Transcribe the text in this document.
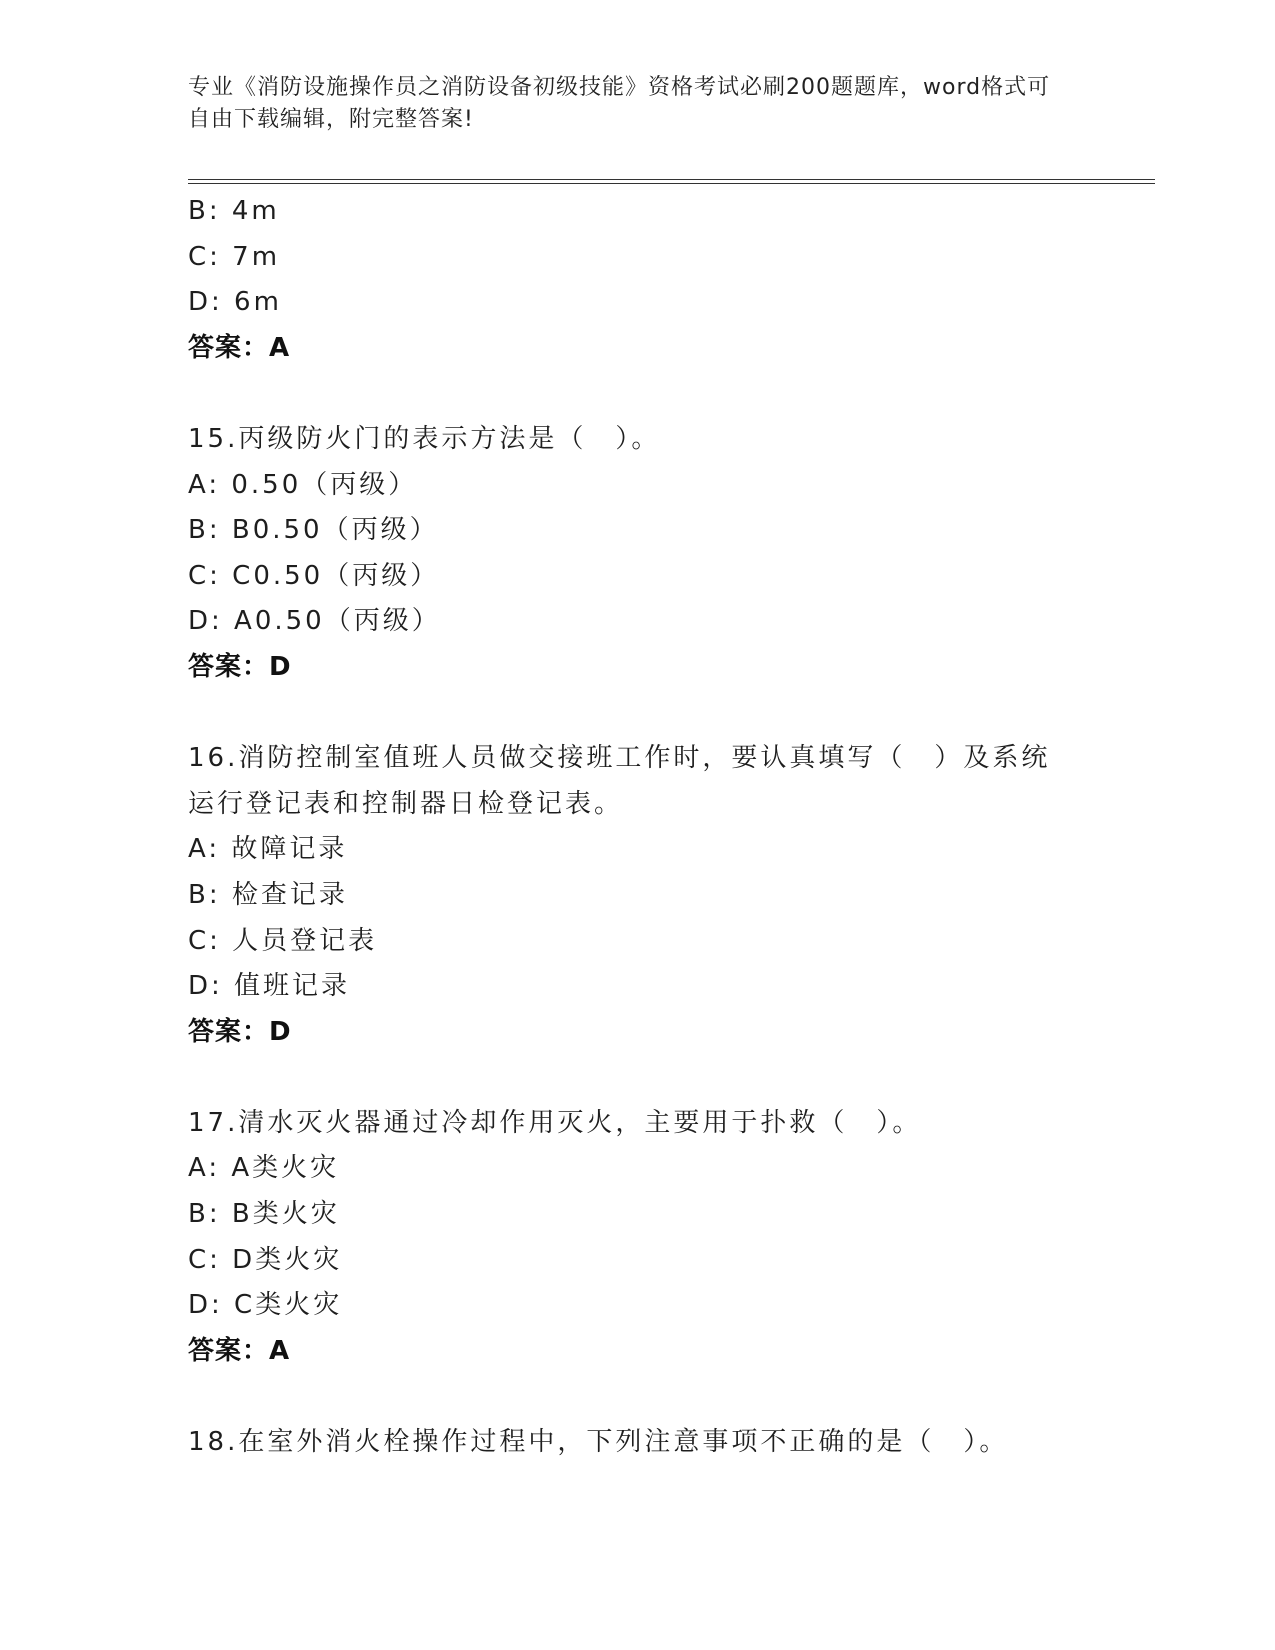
专业《消防设施操作员之消防设备初级技能》资格考试必刷200题题库，word格式可自由下载编辑，附完整答案!
B: 4m
C: 7m
D: 6m
答案：A
15.丙级防火门的表示方法是（　）。
A: 0.50（丙级）
B: B0.50（丙级）
C: C0.50（丙级）
D: A0.50（丙级）
答案：D
16.消防控制室值班人员做交接班工作时，要认真填写（　）及系统运行登记表和控制器日检登记表。
A: 故障记录
B: 检查记录
C: 人员登记表
D: 值班记录
答案：D
17.清水灭火器通过冷却作用灭火，主要用于扑救（　）。
A: A类火灾
B: B类火灾
C: D类火灾
D: C类火灾
答案：A
18.在室外消火栓操作过程中，下列注意事项不正确的是（　）。
